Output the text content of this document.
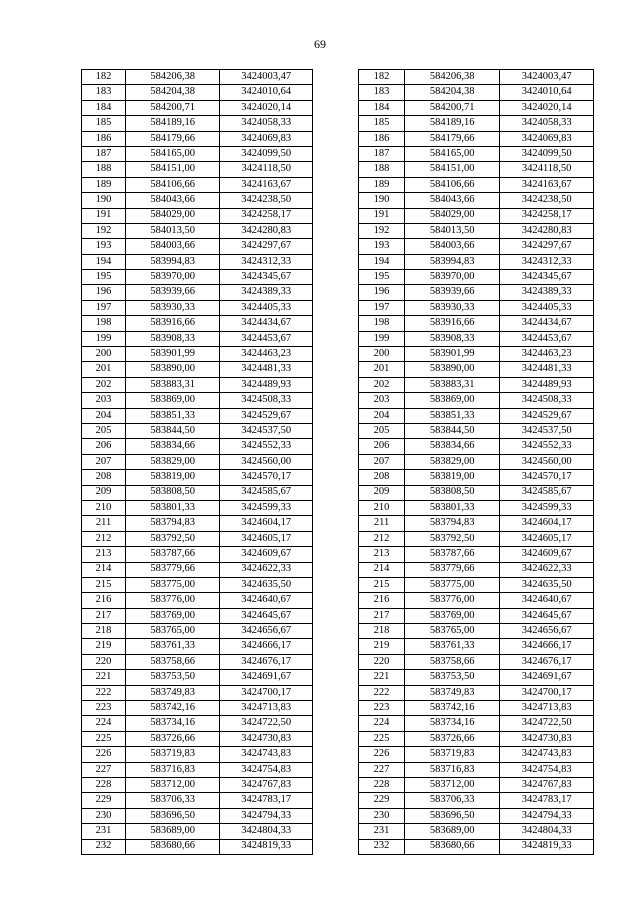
69
182	584206,38	3424003,47
183	584204,38	3424010,64
184	584200,71	3424020,14
185	584189,16	3424058,33
186	584179,66	3424069,83
187	584165,00	3424099,50
188	584151,00	3424118,50
189	584106,66	3424163,67
190	584043,66	3424238,50
191	584029,00	3424258,17
192	584013,50	3424280,83
193	584003,66	3424297,67
194	583994,83	3424312,33
195	583970,00	3424345,67
196	583939,66	3424389,33
197	583930,33	3424405,33
198	583916,66	3424434,67
199	583908,33	3424453,67
200	583901,99	3424463,23
201	583890,00	3424481,33
202	583883,31	3424489,93
203	583869,00	3424508,33
204	583851,33	3424529,67
205	583844,50	3424537,50
206	583834,66	3424552,33
207	583829,00	3424560,00
208	583819,00	3424570,17
209	583808,50	3424585,67
210	583801,33	3424599,33
211	583794,83	3424604,17
212	583792,50	3424605,17
213	583787,66	3424609,67
214	583779,66	3424622,33
215	583775,00	3424635,50
216	583776,00	3424640,67
217	583769,00	3424645,67
218	583765,00	3424656,67
219	583761,33	3424666,17
220	583758,66	3424676,17
221	583753,50	3424691,67
222	583749,83	3424700,17
223	583742,16	3424713,83
224	583734,16	3424722,50
225	583726,66	3424730,83
226	583719,83	3424743,83
227	583716,83	3424754,83
228	583712,00	3424767,83
229	583706,33	3424783,17
230	583696,50	3424794,33
231	583689,00	3424804,33
232	583680,66	3424819,33
182	584206,38	3424003,47
183	584204,38	3424010,64
184	584200,71	3424020,14
185	584189,16	3424058,33
186	584179,66	3424069,83
187	584165,00	3424099,50
188	584151,00	3424118,50
189	584106,66	3424163,67
190	584043,66	3424238,50
191	584029,00	3424258,17
192	584013,50	3424280,83
193	584003,66	3424297,67
194	583994,83	3424312,33
195	583970,00	3424345,67
196	583939,66	3424389,33
197	583930,33	3424405,33
198	583916,66	3424434,67
199	583908,33	3424453,67
200	583901,99	3424463,23
201	583890,00	3424481,33
202	583883,31	3424489,93
203	583869,00	3424508,33
204	583851,33	3424529,67
205	583844,50	3424537,50
206	583834,66	3424552,33
207	583829,00	3424560,00
208	583819,00	3424570,17
209	583808,50	3424585,67
210	583801,33	3424599,33
211	583794,83	3424604,17
212	583792,50	3424605,17
213	583787,66	3424609,67
214	583779,66	3424622,33
215	583775,00	3424635,50
216	583776,00	3424640,67
217	583769,00	3424645,67
218	583765,00	3424656,67
219	583761,33	3424666,17
220	583758,66	3424676,17
221	583753,50	3424691,67
222	583749,83	3424700,17
223	583742,16	3424713,83
224	583734,16	3424722,50
225	583726,66	3424730,83
226	583719,83	3424743,83
227	583716,83	3424754,83
228	583712,00	3424767,83
229	583706,33	3424783,17
230	583696,50	3424794,33
231	583689,00	3424804,33
232	583680,66	3424819,33
